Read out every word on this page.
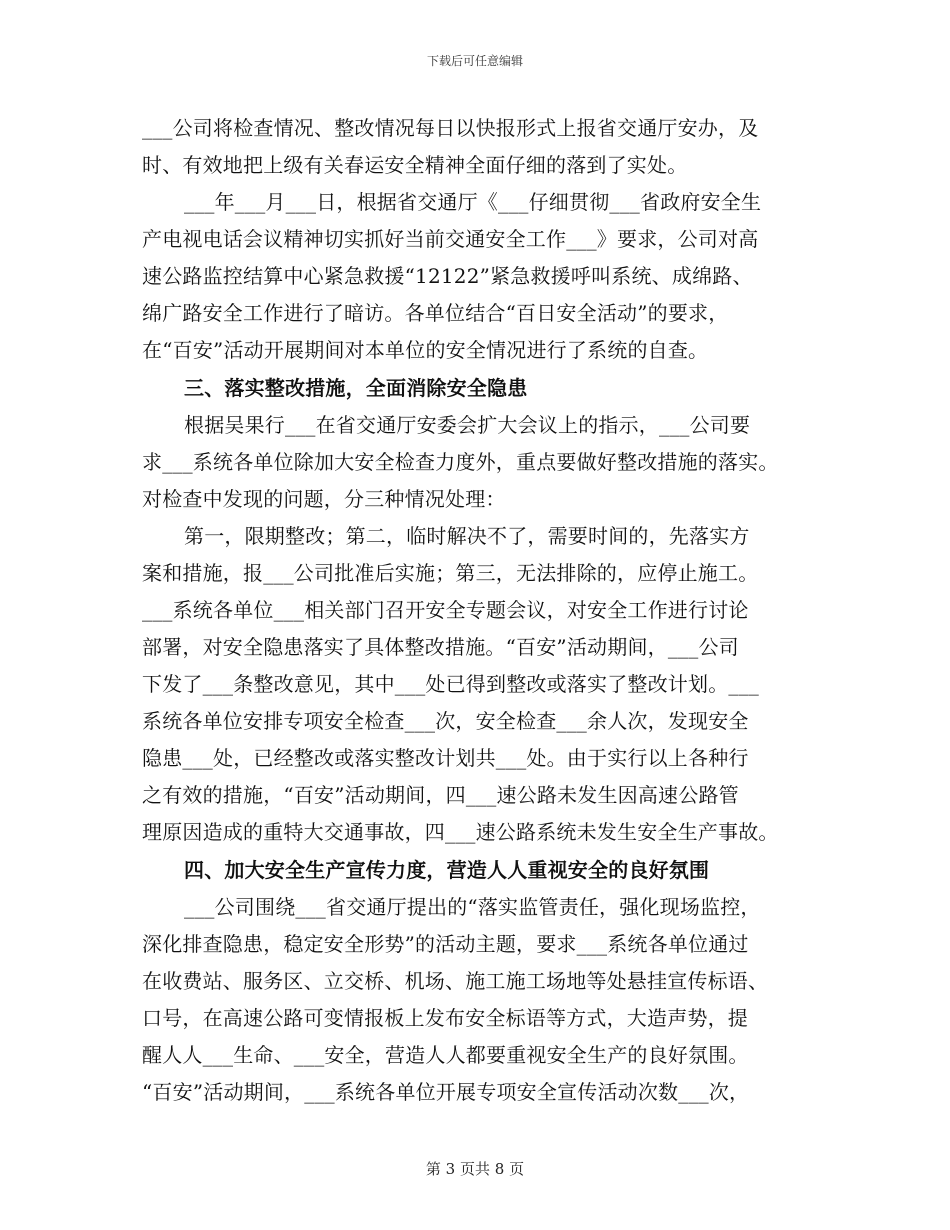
下载后可任意编辑
___公司将检查情况、整改情况每日以快报形式上报省交通厅安办，及
时、有效地把上级有关春运安全精神全面仔细的落到了实处。
___年___月___日，根据省交通厅《___仔细贯彻___省政府安全生
产电视电话会议精神切实抓好当前交通安全工作___》要求，公司对高
速公路监控结算中心紧急救援“12122”紧急救援呼叫系统、成绵路、
绵广路安全工作进行了暗访。各单位结合“百日安全活动”的要求，
在“百安”活动开展期间对本单位的安全情况进行了系统的自查。
三、落实整改措施，全面消除安全隐患
根据吴果行___在省交通厅安委会扩大会议上的指示，___公司要
求___系统各单位除加大安全检查力度外，重点要做好整改措施的落实。
对检查中发现的问题，分三种情况处理：
第一，限期整改；第二，临时解决不了，需要时间的，先落实方
案和措施，报___公司批准后实施；第三，无法排除的，应停止施工。
___系统各单位___相关部门召开安全专题会议，对安全工作进行讨论
部署，对安全隐患落实了具体整改措施。“百安”活动期间，___公司
下发了___条整改意见，其中___处已得到整改或落实了整改计划。___
系统各单位安排专项安全检查___次，安全检查___余人次，发现安全
隐患___处，已经整改或落实整改计划共___处。由于实行以上各种行
之有效的措施，“百安”活动期间，四___速公路未发生因高速公路管
理原因造成的重特大交通事故，四___速公路系统未发生安全生产事故。
四、加大安全生产宣传力度，营造人人重视安全的良好氛围
___公司围绕___省交通厅提出的“落实监管责任，强化现场监控，
深化排查隐患，稳定安全形势”的活动主题，要求___系统各单位通过
在收费站、服务区、立交桥、机场、施工施工场地等处悬挂宣传标语、
口号，在高速公路可变情报板上发布安全标语等方式，大造声势，提
醒人人___生命、___安全，营造人人都要重视安全生产的良好氛围。
“百安”活动期间，___系统各单位开展专项安全宣传活动次数___次，
第 3 页共 8 页
